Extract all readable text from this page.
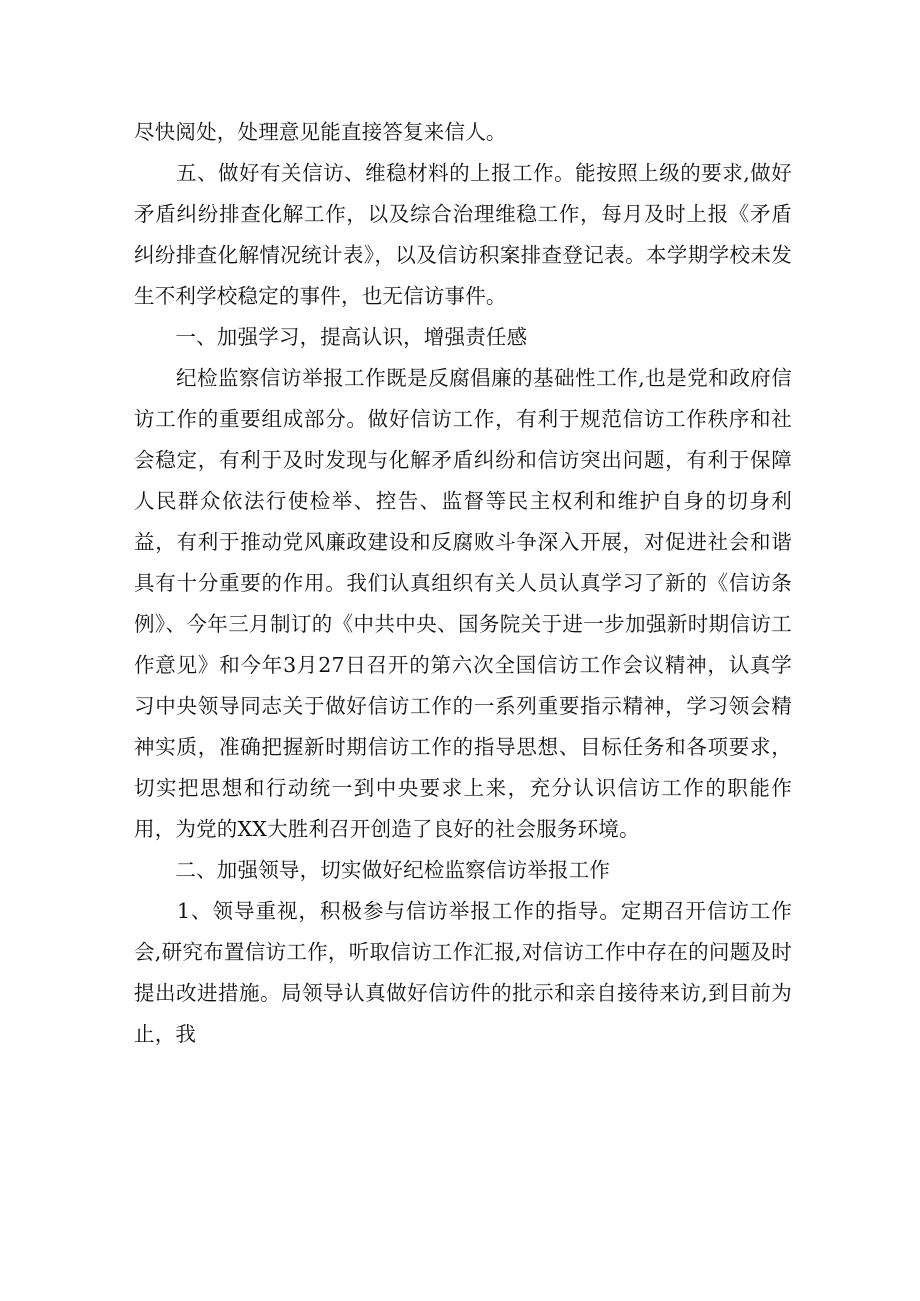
尽快阅处，处理意见能直接答复来信人。

　　五、做好有关信访、维稳材料的上报工作。能按照上级的要求,做好矛盾纠纷排查化解工作，以及综合治理维稳工作，每月及时上报《矛盾纠纷排查化解情况统计表》，以及信访积案排查登记表。本学期学校未发生不利学校稳定的事件，也无信访事件。

　　一、加强学习，提高认识，增强责任感

　　纪检监察信访举报工作既是反腐倡廉的基础性工作,也是党和政府信访工作的重要组成部分。做好信访工作，有利于规范信访工作秩序和社会稳定，有利于及时发现与化解矛盾纠纷和信访突出问题，有利于保障人民群众依法行使检举、控告、监督等民主权利和维护自身的切身利益，有利于推动党风廉政建设和反腐败斗争深入开展，对促进社会和谐具有十分重要的作用。我们认真组织有关人员认真学习了新的《信访条例》、今年三月制订的《中共中央、国务院关于进一步加强新时期信访工作意见》和今年3月27日召开的第六次全国信访工作会议精神，认真学习中央领导同志关于做好信访工作的一系列重要指示精神，学习领会精神实质，准确把握新时期信访工作的指导思想、目标任务和各项要求，切实把思想和行动统一到中央要求上来，充分认识信访工作的职能作用，为党的XX大胜利召开创造了良好的社会服务环境。

　　二、加强领导，切实做好纪检监察信访举报工作

　　1、领导重视，积极参与信访举报工作的指导。定期召开信访工作会,研究布置信访工作，听取信访工作汇报,对信访工作中存在的问题及时提出改进措施。局领导认真做好信访件的批示和亲自接待来访,到目前为止，我
